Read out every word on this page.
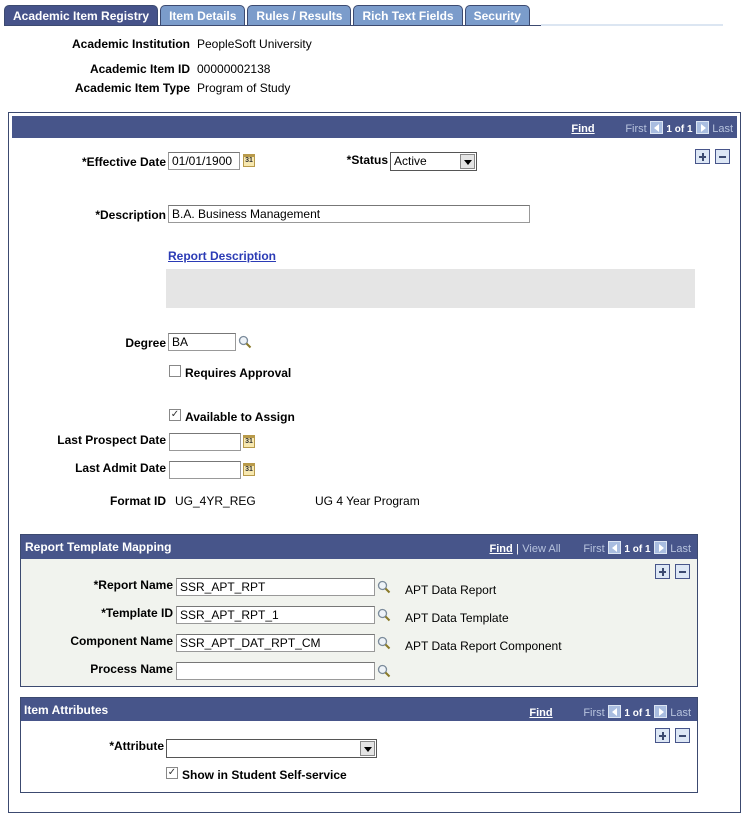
Academic Item Registry	Item Details	Rules / Results	Rich Text Fields	Security
Academic Institution PeopleSoft University
Academic Item ID 00000002138
Academic Item Type Program of Study
Find	First 1 of 1 Last
*Effective Date 01/01/1900	31	*Status Active
*Description B.A. Business Management
Report Description
Degree BA
Requires Approval
✓ Available to Assign
Last Prospect Date	31
Last Admit Date	31
Format ID UG_4YR_REG	UG 4 Year Program
Report Template Mapping	Find | View All First 1 of 1 Last
*Report Name SSR_APT_RPT	APT Data Report
*Template ID SSR_APT_RPT_1	APT Data Template
Component Name SSR_APT_DAT_RPT_CM	APT Data Report Component
Process Name
Item Attributes	Find	First 1 of 1 Last
*Attribute
✓ Show in Student Self-service
